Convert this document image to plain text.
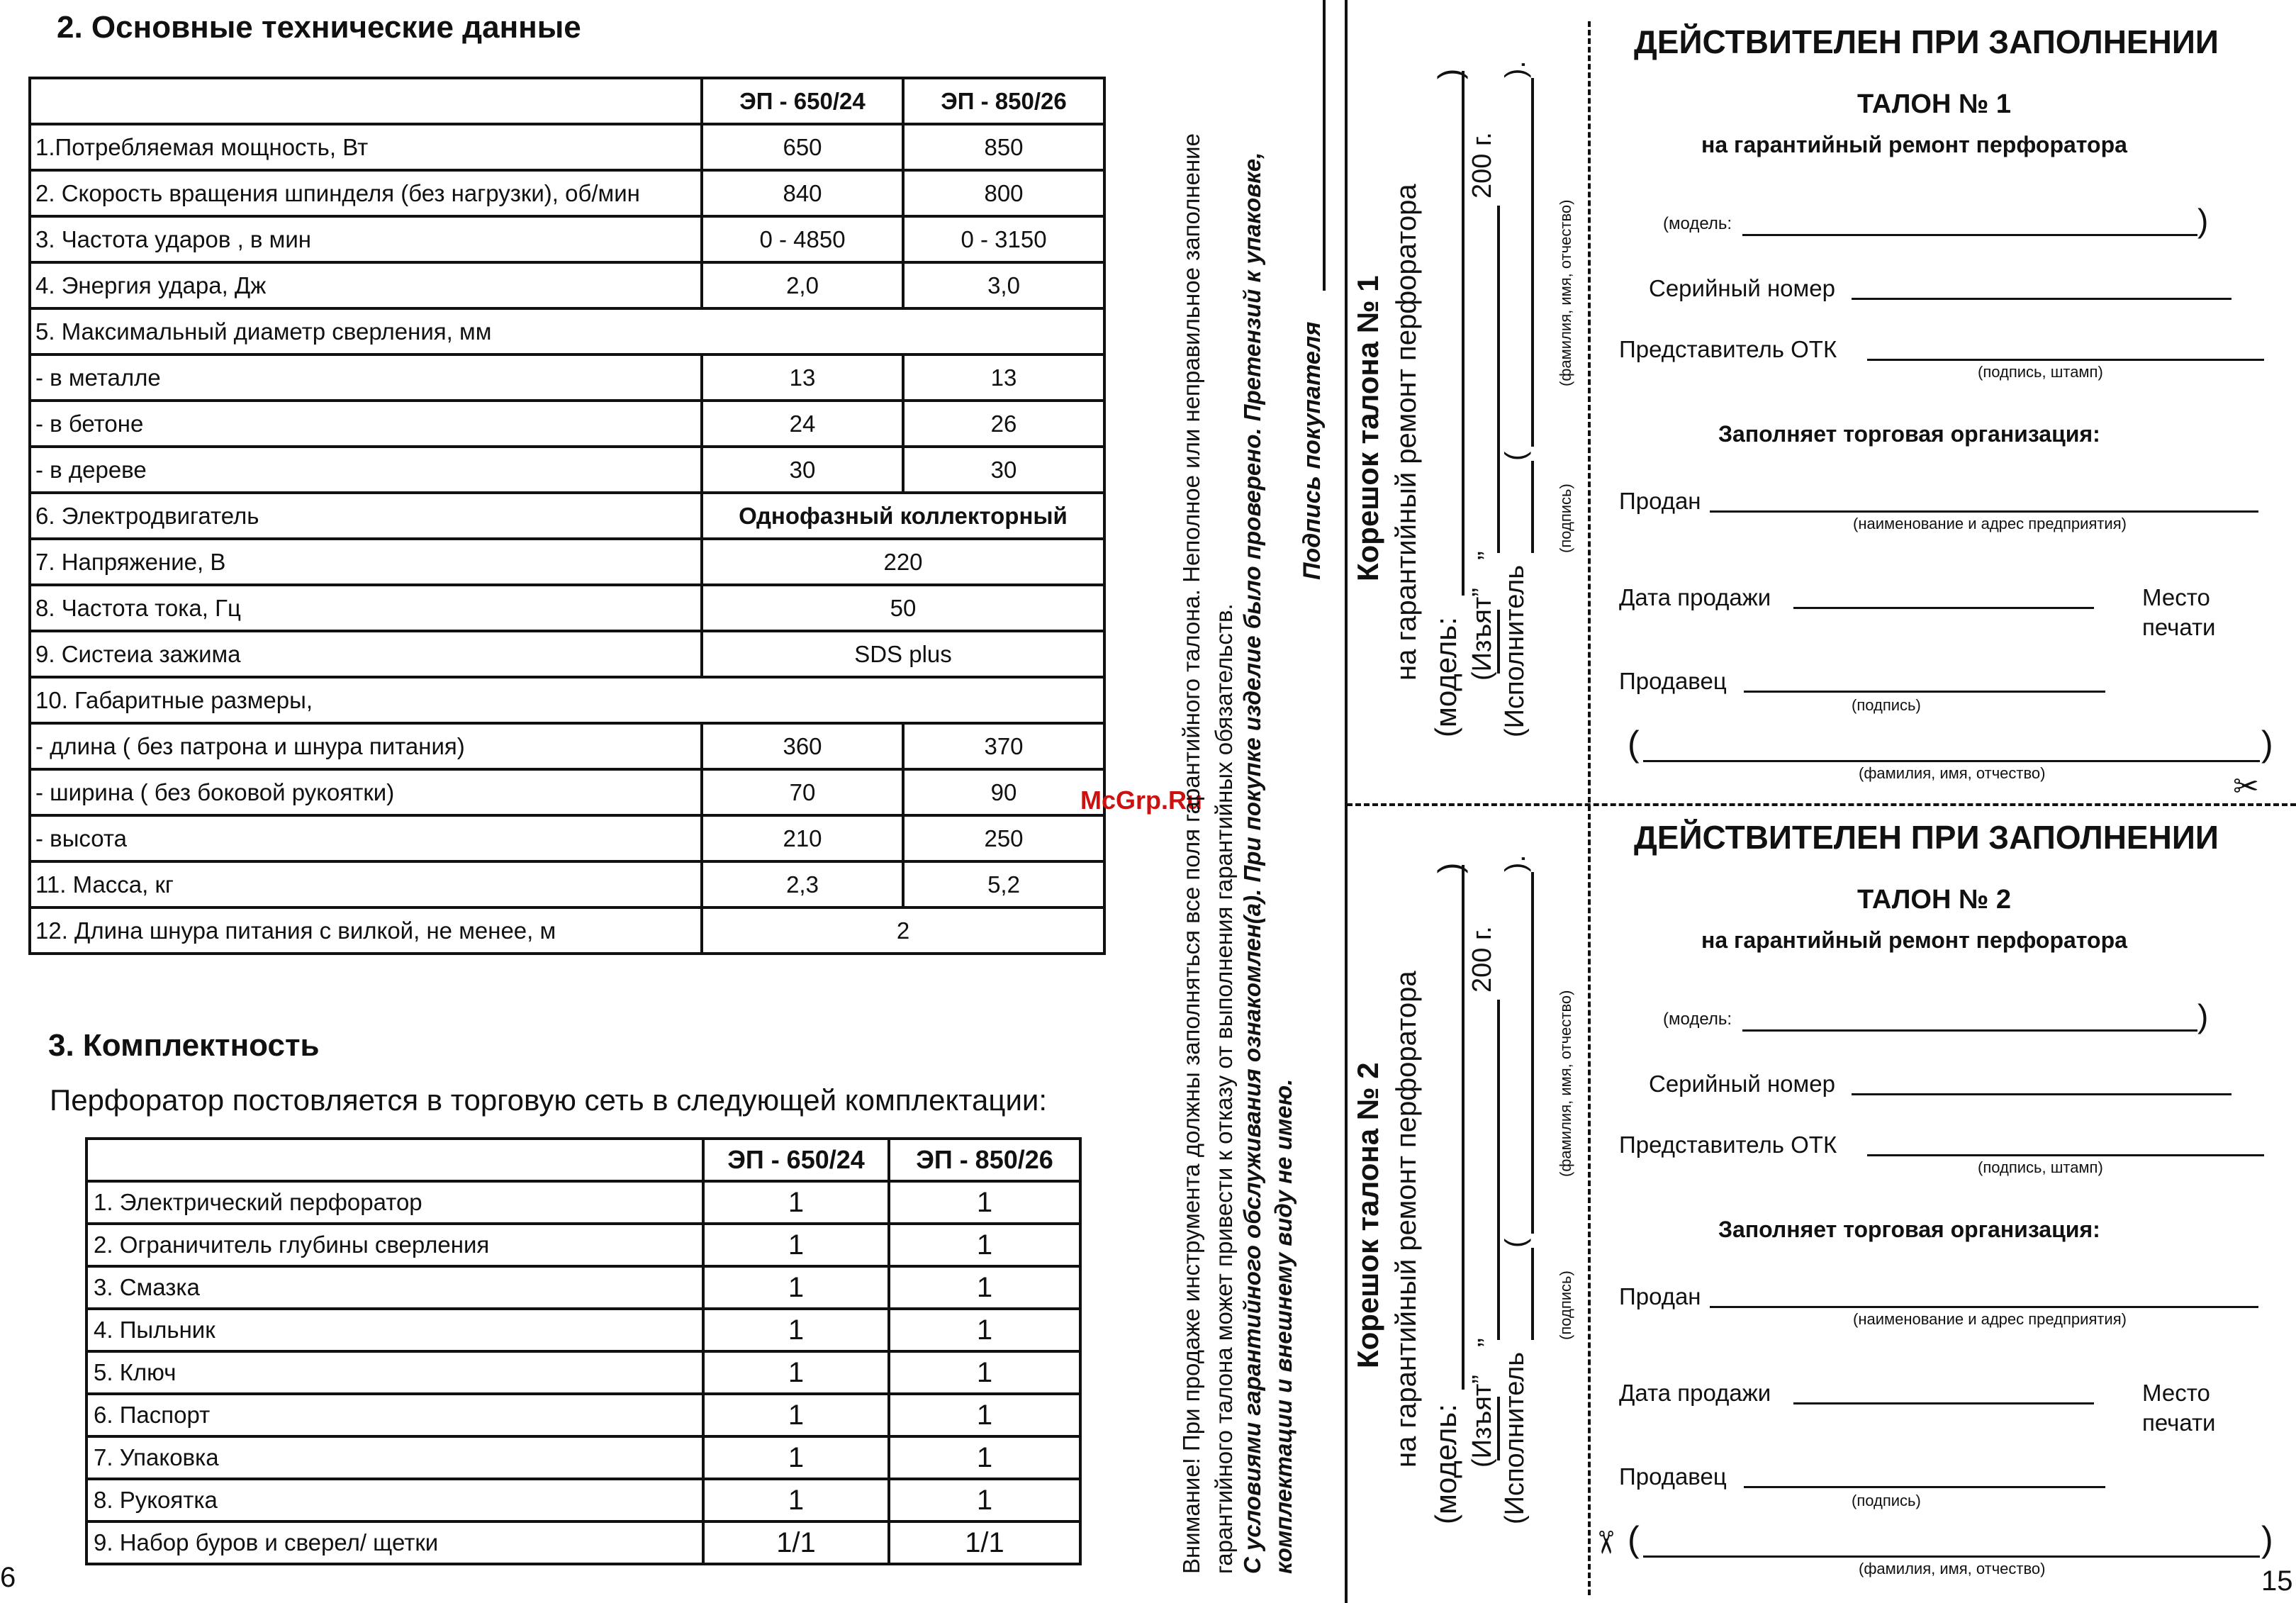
2. Основные технические данные
	ЭП - 650/24	ЭП - 850/26
1.Потребляемая мощность, Вт	650	850
2. Скорость вращения шпинделя (без нагрузки), об/мин	840	800
3. Частота ударов , в мин	0 - 4850	0 - 3150
4. Энергия удара, Дж	2,0	3,0
5. Максимальный диаметр сверления, мм		
- в металле	13	13
- в бетоне	24	26
- в дереве	30	30
6. Электродвигатель	Однофазный коллекторный	
7. Напряжение, В	220	
8. Частота тока, Гц	50	
9. Систеиа зажима	SDS plus	
10. Габаритные размеры,		
- длина ( без патрона и шнура питания)	360	370
- ширина ( без боковой рукоятки)	70	90
- высота	210	250
11. Масса, кг	2,3	5,2
12. Длина шнура питания с вилкой, не менее, м	2	
3. Комплектность
Перфоратор постовляется в торговую сеть в следующей комплектации:
	ЭП - 650/24	ЭП - 850/26
1. Электрический перфоратор	1	1
2. Ограничитель глубины сверления	1	1
3. Смазка	1	1
4. Пыльник	1	1
5. Ключ	1	1
6. Паспорт	1	1
7. Упаковка	1	1
8. Рукоятка	1	1
9. Набор буров и сверел/ щетки	1/1	1/1
6
McGrp.Ru
Внимание! При продаже инструмента должны заполняться все поля гарантийного талона. Неполное или неправильное заполнение гарантийного талона может привести к отказу от выполнения гарантийных обязательств. С условиями гарантийного обслуживания ознакомлен(а). При покупке изделие было проверено. Претензий к упаковке, комплектации и внешнему виду не имею.
Подпись покупателя Корешок талона № 1 на гарантийный ремонт перфоратора (модель:
)
(Изъят”
”
200 г.
(Исполнитель
(
).
(подпись)
(фамилия, имя, отчество)
Корешок талона № 2 на гарантийный ремонт перфоратора (модель:
)
(Изъят”
”
200 г.
(Исполнитель
(
).
(подпись)
(фамилия, имя, отчество)
ДЕЙСТВИТЕЛЕН ПРИ ЗАПОЛНЕНИИ
ТАЛОН № 1
на гарантийный ремонт перфоратора
(модель:	)
Серийный номер
Представитель ОТК
(подпись, штамп)
Заполняет торговая организация:
Продан
(наименование и адрес предприятия)
Дата продажи	Место
печати
Продавец
(подпись)
(	)
(фамилия, имя, отчество)	✂
ДЕЙСТВИТЕЛЕН ПРИ ЗАПОЛНЕНИИ
ТАЛОН № 2
на гарантийный ремонт перфоратора
(модель:	)
Серийный номер
Представитель ОТК
(подпись, штамп)
Заполняет торговая организация:
Продан
(наименование и адрес предприятия)
Дата продажи	Место
печати
Продавец
(подпись)
(	)
(фамилия, имя, отчество)
✂
15
